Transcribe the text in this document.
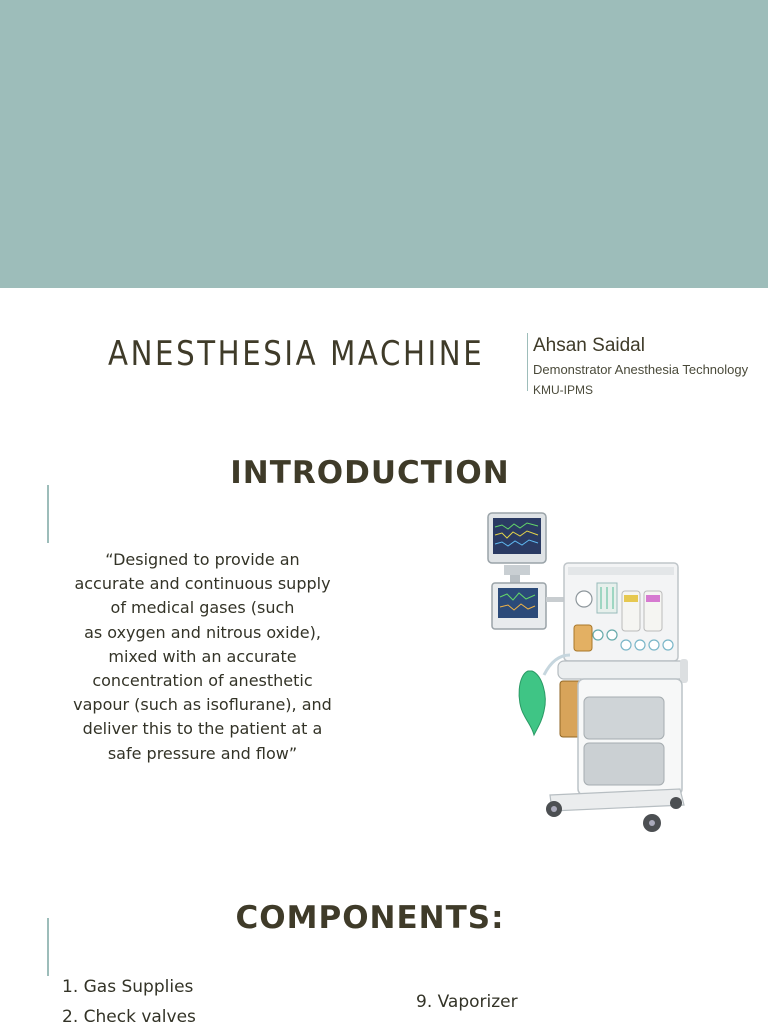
ANESTHESIA MACHINE	Ahsan Saidal
Demonstrator Anesthesia Technology
KMU-IPMS
INTRODUCTION
“Designed to provide an
accurate and continuous supply
of medical gases (such
as oxygen and nitrous oxide),
mixed with an accurate
concentration of anesthetic
vapour (such as isoflurane), and
deliver this to the patient at a
safe pressure and flow”
COMPONENTS:
1. Gas Supplies
2. Check valves
9. Vaporizer
